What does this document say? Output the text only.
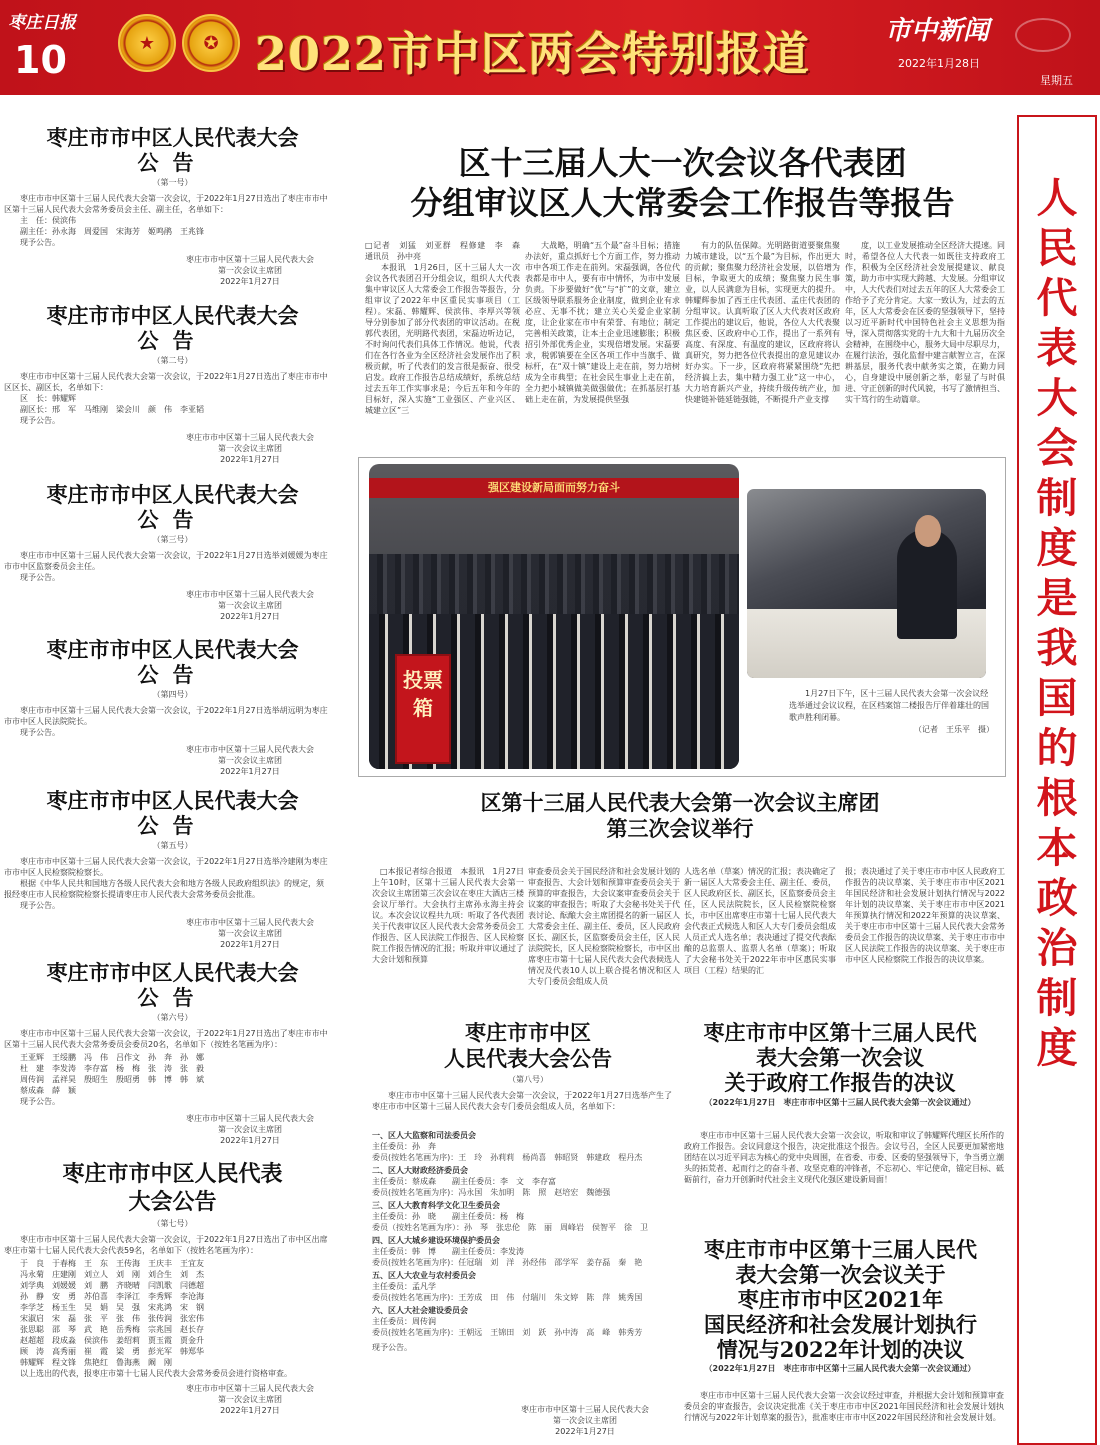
枣庄日报
10	★	✪ 2022市中区两会特别报道	市中新闻
2022年1月28日
星期五
枣庄市市中区人民代表大会
公告
（第一号）
枣庄市市中区第十三届人民代表大会第一次会议，于2022年1月27日选出了枣庄市市中区第十三届人民代表大会常务委员会主任、副主任，名单如下：
主　任：侯滨伟
副主任：孙永海　周爱国　宋海芳　姬鸣鹃　王兆锋
现予公告。
枣庄市市中区第十三届人民代表大会
第一次会议主席团
2022年1月27日
枣庄市市中区人民代表大会
公告
（第二号）
枣庄市市中区第十三届人民代表大会第一次会议，于2022年1月27日选出了枣庄市市中区区长、副区长，名单如下：
区　长：韩耀辉
副区长：邢　军　马维刚　梁会川　颜　伟　李亚韬
现予公告。
枣庄市市中区第十三届人民代表大会
第一次会议主席团
2022年1月27日
枣庄市市中区人民代表大会
公告
（第三号）
枣庄市市中区第十三届人民代表大会第一次会议，于2022年1月27日选举刘媛媛为枣庄市市中区监察委员会主任。
现予公告。
枣庄市市中区第十三届人民代表大会
第一次会议主席团
2022年1月27日
枣庄市市中区人民代表大会
公告
（第四号）
枣庄市市中区第十三届人民代表大会第一次会议，于2022年1月27日选举胡远明为枣庄市市中区人民法院院长。
现予公告。
枣庄市市中区第十三届人民代表大会
第一次会议主席团
2022年1月27日
枣庄市市中区人民代表大会
公告
（第五号）
枣庄市市中区第十三届人民代表大会第一次会议，于2022年1月27日选举冷建刚为枣庄市市中区人民检察院检察长。
根据《中华人民共和国地方各级人民代表大会和地方各级人民政府组织法》的规定，须报经枣庄市人民检察院检察长提请枣庄市人民代表大会常务委员会批准。
现予公告。
枣庄市市中区第十三届人民代表大会
第一次会议主席团
2022年1月27日
枣庄市市中区人民代表大会
公告
（第六号）
枣庄市市中区第十三届人民代表大会第一次会议，于2022年1月27日选出了枣庄市市中区第十三届人民代表大会常务委员会委员20名，名单如下（按姓名笔画为序）：
王亚辉　王绥鹏　冯　伟　吕作文　孙　奔　孙　娜
杜　建　李发涛　李存富　杨　梅　张　涛　张　毅
周传润　孟祥昊　殷昭生　殷昭勇　韩　博　韩　斌
蔡成森　薛　颖
现予公告。
枣庄市市中区第十三届人民代表大会
第一次会议主席团
2022年1月27日
枣庄市市中区人民代表大会公告
（第七号）
枣庄市市中区第十三届人民代表大会第一次会议，于2022年1月27日选出了市中区出席枣庄市第十七届人民代表大会代表59名，名单如下（按姓名笔画为序）：
于　良　于春梅　王　东　王传海　王庆丰　王宜友
冯永菊　庄建刚　刘立人　刘　刚　刘合生　刘　杰
刘学典　刘媛媛　刘　鹏　齐晓晴　闫凯歌　闫德超
孙　静　安　勇　苏伯喜　李泽江　李秀辉　李沧海
李学芝　杨玉生　吴　娟　吴　强　宋兆鸿　宋　钢
宋淑启　宋　磊　张　平　张　伟　张传润　张宏伟
张思聪　邵　琴　武　艳　岳秀梅　宗兆国　赵长存
赵超超　段成淼　侯滨伟　姜绍莉　贾玉霞　贾金升
顾　涛　高秀丽　崔　霞　梁　勇　彭光军　韩郑华
韩耀辉　程文锋　焦艳红　鲁海燕　阚　刚
以上选出的代表，报枣庄市第十七届人民代表大会常务委员会进行资格审查。
枣庄市市中区第十三届人民代表大会
第一次会议主席团
2022年1月27日
人民代表大会制度是我国的根本政治制度
区十三届人大一次会议各代表团
分组审议区人大常委会工作报告等报告
□记者　刘猛　刘亚群　程修建　李　森　通讯员　孙中亮
本报讯　1月26日，区十三届人大一次会议各代表团召开分组会议，组织人大代表集中审议区人大常委会工作报告等报告，分组审议了2022年中区重民实事项目（工程）。宋磊、韩耀辉、侯滨伟、李厚兴等领导分别参加了部分代表团的审议活动。在税郭代表团，光明路代表团，宋磊边听边记，不时询问代表们具体工作情况。他说，代表们在各行各业为全区经济社会发展作出了积极贡献，听了代表们的发言很是振奋、很受启发。政府工作报告总结成绩好，系统总结过去五年工作实事求是；今后五年和今年的目标好，深入实施“工业强区、产业兴区、城建立区”三
大战略，明确“五个最”奋斗目标；措施办法好，重点抓好七个方面工作，努力推动市中各项工作走在前列。宋磊强调，各位代表都是市中人，要有市中情怀，为市中发展负责。下步要做好“优”与“扩”的文章，建立区级领导联系服务企业制度，做到企业有求必应、无事不扰；建立关心关爱企业家制度，让企业家在市中有荣誉、有地位；制定完善相关政策，让本土企业迅速膨胀；积极招引外部优秀企业，实现倍增发展。宋磊要求，税郭镇要在全区各项工作中当旗手、做标杆，在“双十镇”建设上走在前，努力培树成为全市典型；在社会民生事业上走在前，全力把小城镇做美做强做优；在抓基层打基础上走在前，为发展提供坚强
有力的队伍保障。光明路街道要聚焦聚力城市建设，以“五个最”为目标，作出更大的贡献；聚焦聚力经济社会发展，以倍增为目标，争取更大的成绩；聚焦聚力民生事业，以人民满意为目标，实现更大的提升。韩耀辉参加了西王庄代表团、孟庄代表团的分组审议。认真听取了区人大代表对区政府工作提出的建议后，他说，各位人大代表聚焦区委、区政府中心工作，提出了一系列有高度、有深度、有温度的建议，区政府将认真研究，努力把各位代表提出的意见建议办好办实。下一步，区政府将紧紧围绕“先把经济搞上去，集中精力强工业”这一中心，大力培育新兴产业，持续升级传统产业，加快建链补链延链强链，不断提升产业支撑
度，以工业发展推动全区经济大提速。同时，希望各位人大代表一如既往支持政府工作，积极为全区经济社会发展提建议、献良策，助力市中实现大跨越、大发展。分组审议中，人大代表们对过去五年的区人大常委会工作给予了充分肯定。大家一致认为，过去的五年，区人大常委会在区委的坚强领导下，坚持以习近平新时代中国特色社会主义思想为指导，深入贯彻落实党的十九大和十九届历次全会精神，在围绕中心，服务大局中尽职尽力，在履行法治，强化监督中建言献智立言，在深耕基层，服务代表中献务实之策，在勤力同心，自身建设中展创新之举，彰显了与时俱进、守正创新的时代风貌，书写了激情担当、实干笃行的生动篇章。
强区建设新局面而努力奋斗
投票箱
1月27日下午，区十三届人民代表大会第一次会议经选举通过会议议程，在区档案馆二楼报告厅伴着雄壮的国歌声胜利闭幕。
（记者　王乐平　摄）
区第十三届人民代表大会第一次会议主席团
第三次会议举行
□本报记者综合报道　本报讯　1月27日上午10时，区第十三届人民代表大会第一次会议主席团第三次会议在枣庄大酒店三楼会议厅举行。大会执行主席孙永海主持会议。本次会议议程共九项：听取了各代表团关于代表审议区人民代表大会常务委员会工作报告、区人民法院工作报告、区人民检察院工作报告情况的汇报；听取并审议通过了大会计划和预算
审查委员会关于国民经济和社会发展计划的审查报告、大会计划和预算审查委员会关于预算的审查报告，大会议案审查委员会关于议案的审查报告；听取了大会秘书处关于代表讨论、酝酿大会主席团提名的新一届区人大常委会主任、副主任、委员，区人民政府区长、副区长，区监察委员会主任，区人民法院院长，区人民检察院检察长，市中区出席枣庄市第十七届人民代表大会代表候选人情况及代表10人以上联合提名情况和区人大专门委员会组成人员
人选名单（草案）情况的汇报；表决确定了新一届区人大常委会主任、副主任、委员，区人民政府区长、副区长，区监察委员会主任，区人民法院院长，区人民检察院检察长，市中区出席枣庄市第十七届人民代表大会代表正式候选人和区人大专门委员会组成人员正式人选名单；表决通过了提交代表酝酿的总监票人、监票人名单（草案）；听取了大会秘书处关于2022年市中区惠民实事项目（工程）结果的汇
报；表决通过了关于枣庄市市中区人民政府工作报告的决议草案、关于枣庄市市中区2021年国民经济和社会发展计划执行情况与2022年计划的决议草案、关于枣庄市市中区2021年预算执行情况和2022年预算的决议草案、关于枣庄市市中区第十三届人民代表大会常务委员会工作报告的决议草案、关于枣庄市市中区人民法院工作报告的决议草案、关于枣庄市市中区人民检察院工作报告的决议草案。
枣庄市市中区
人民代表大会公告
（第八号）
枣庄市市中区第十三届人民代表大会第一次会议，于2022年1月27日选举产生了枣庄市市中区第十三届人民代表大会专门委员会组成人员，名单如下：
一、区人大监察和司法委员会
主任委员：孙　奔
委员(按姓名笔画为序)：王　玲　孙莉莉　杨尚喜　韩昭贤　韩建政　程丹杰
二、区人大财政经济委员会
主任委员：蔡成森　　副主任委员：李　文　李存富
委员(按姓名笔画为序)：冯永国　朱加明　陈　照　赵培宏　魏德强
三、区人大教育科学文化卫生委员会
主任委员：孙　晓　　副主任委员：杨　梅
委员（按姓名笔画为序）：孙　琴　张忠伦　陈　丽　周峰岩　侯智平　徐　卫
四、区人大城乡建设环境保护委员会
主任委员：韩　博　　副主任委员：李发涛
委员(按姓名笔画为序)：任冠瑞　刘　洋　孙经伟　邵学军　姜存磊　秦　艳
五、区人大农业与农村委员会
主任委员：孟凡学
委员(按姓名笔画为序)：王芳成　田　伟　付瑞川　朱文婷　陈　萍　姚秀国
六、区人大社会建设委员会
主任委员：周传润
委员(按姓名笔画为序)：王朝远　王锦田　刘　跃　孙中涛　高　峰　韩秀芳
现予公告。
枣庄市市中区第十三届人民代表大会
第一次会议主席团
2022年1月27日
枣庄市市中区第十三届人民代
表大会第一次会议
关于政府工作报告的决议
（2022年1月27日　枣庄市市中区第十三届人民代表大会第一次会议通过）
枣庄市市中区第十三届人民代表大会第一次会议，听取和审议了韩耀辉代理区长所作的政府工作报告。会议同意这个报告，决定批准这个报告。会议号召，全区人民要更加紧密地团结在以习近平同志为核心的党中央周围，在省委、市委、区委的坚强领导下，争当勇立潮头的拓荒者、起而行之的奋斗者、攻坚克难的冲锋者，不忘初心、牢记使命，锚定目标、砥砺前行，奋力开创新时代社会主义现代化强区建设新局面！
枣庄市市中区第十三届人民代
表大会第一次会议关于
枣庄市市中区2021年
国民经济和社会发展计划执行
情况与2022年计划的决议
（2022年1月27日　枣庄市市中区第十三届人民代表大会第一次会议通过）
枣庄市市中区第十三届人民代表大会第一次会议经过审查，并根据大会计划和预算审查委员会的审查报告，会议决定批准《关于枣庄市市中区2021年国民经济和社会发展计划执行情况与2022年计划草案的报告》，批准枣庄市市中区2022年国民经济和社会发展计划。
